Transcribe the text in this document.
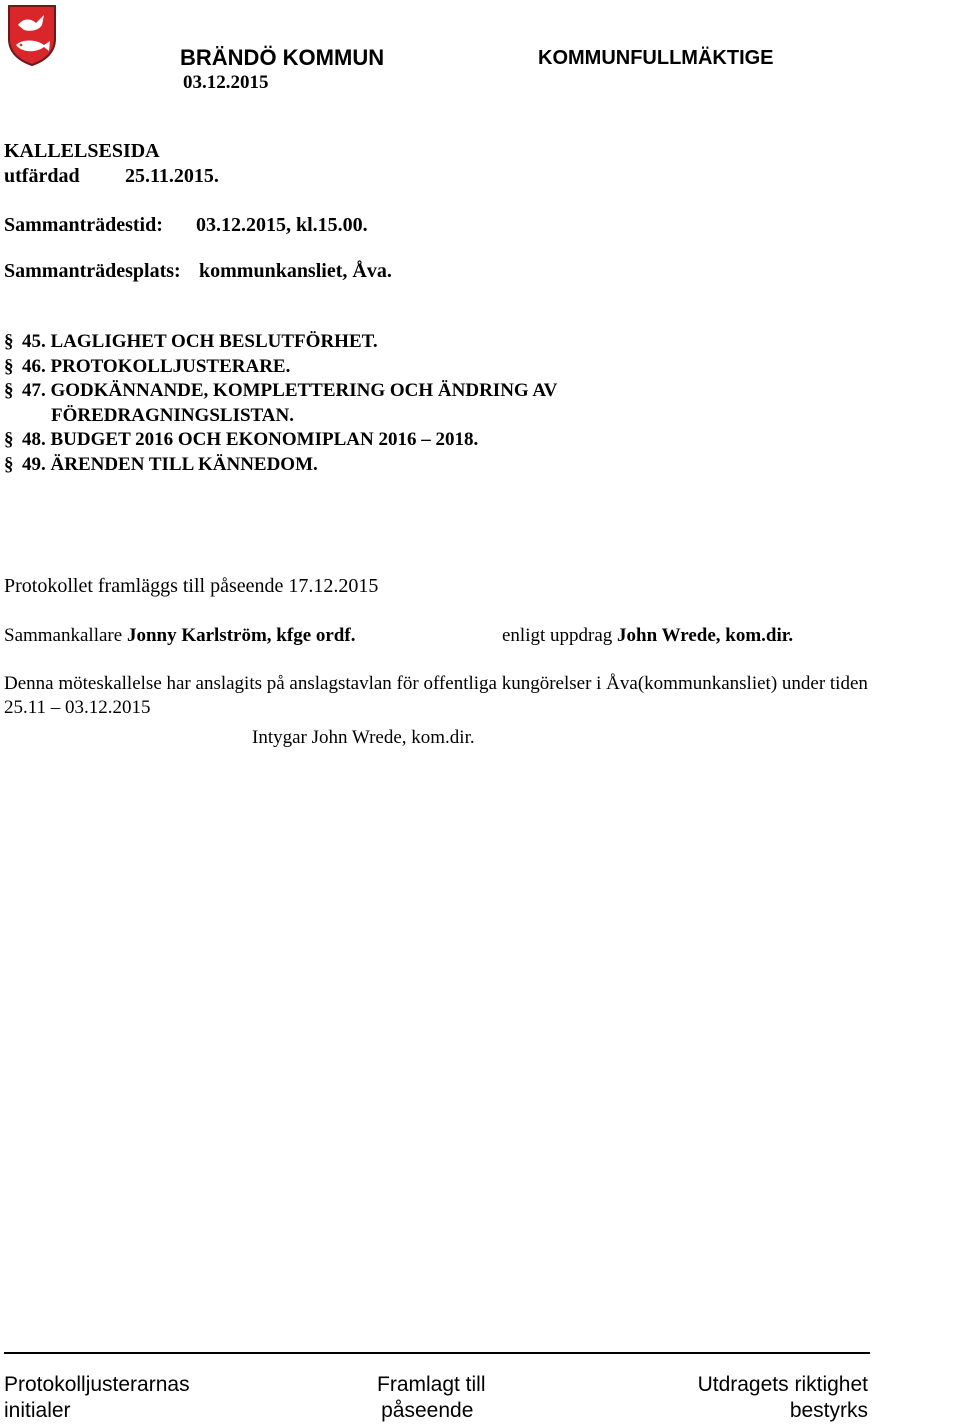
BRÄNDÖ KOMMUN	KOMMUNFULLMÄKTIGE
03.12.2015
KALLELSESIDA
utfärdad 25.11.2015.
Sammanträdestid: 03.12.2015, kl.15.00.
Sammanträdesplats: kommunkansliet, Åva.
§ 45. LAGLIGHET OCH BESLUTFÖRHET.
§ 46. PROTOKOLLJUSTERARE.
§ 47. GODKÄNNANDE, KOMPLETTERING OCH ÄNDRING AV
FÖREDRAGNINGSLISTAN.
§ 48. BUDGET 2016 OCH EKONOMIPLAN 2016 – 2018.
§ 49. ÄRENDEN TILL KÄNNEDOM.
Protokollet framläggs till påseende 17.12.2015
Sammankallare Jonny Karlström, kfge ordf.	enligt uppdrag John Wrede, kom.dir.
Denna möteskallelse har anslagits på anslagstavlan för offentliga kungörelser i Åva(kommunkansliet) under tiden
25.11 – 03.12.2015
Intygar John Wrede, kom.dir.
Protokolljusterarnas
initialer
Framlagt till
påseende
Utdragets riktighet
bestyrks
